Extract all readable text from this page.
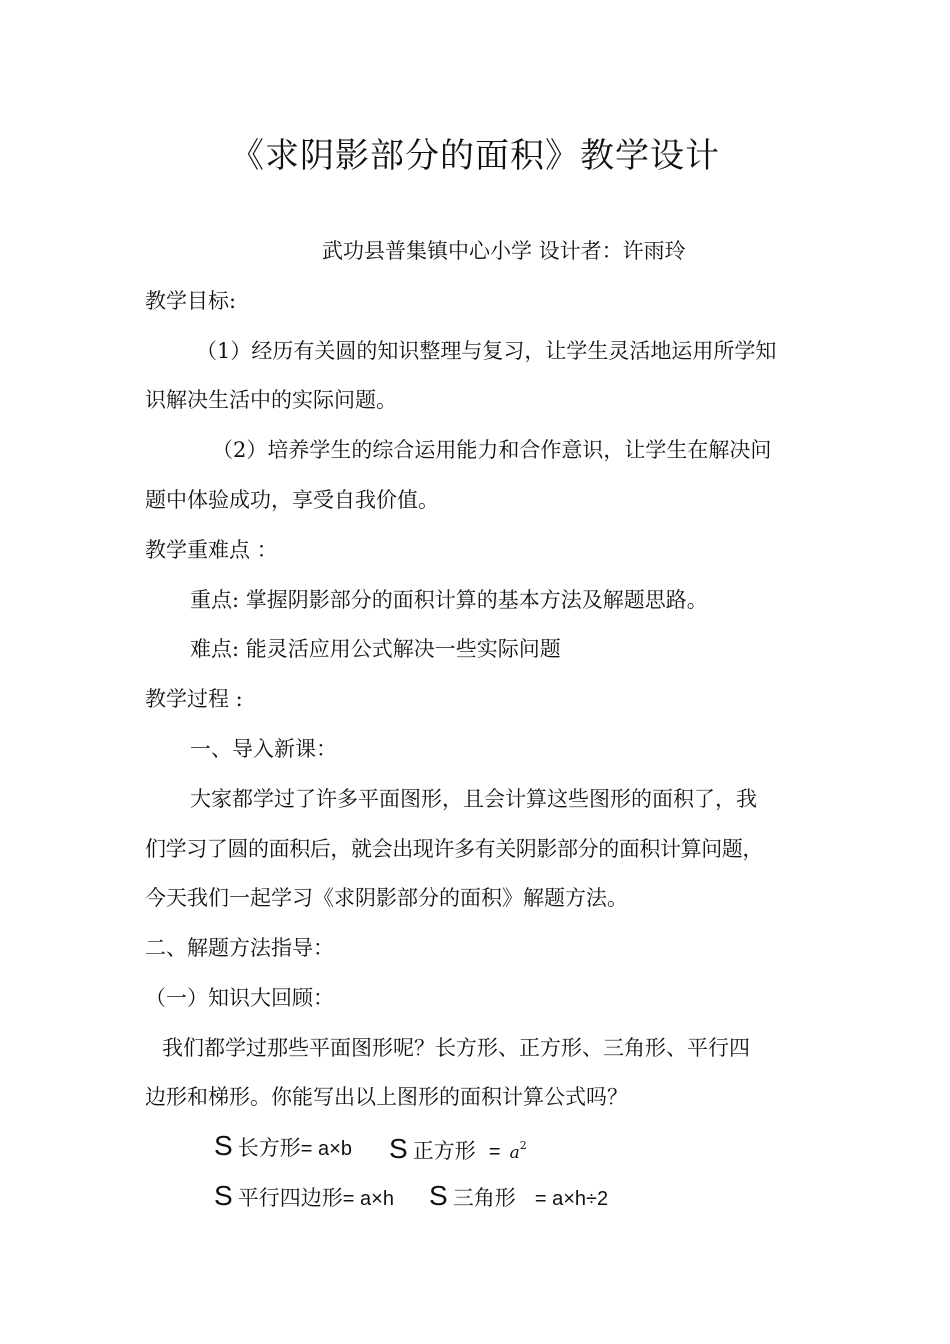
《求阴影部分的面积》教学设计
武功县普集镇中心小学 设计者：许雨玲
教学目标:
（1）经历有关圆的知识整理与复习，让学生灵活地运用所学知
识解决生活中的实际问题。
（2）培养学生的综合运用能力和合作意识，让学生在解决问
题中体验成功，享受自我价值。
教学重难点 ：
重点: 掌握阴影部分的面积计算的基本方法及解题思路。
难点: 能灵活应用公式解决一些实际问题
教学过程 :
一、导入新课：
大家都学过了许多平面图形，且会计算这些图形的面积了，我
们学习了圆的面积后，就会出现许多有关阴影部分的面积计算问题，
今天我们一起学习《求阴影部分的面积》解题方法。
二、解题方法指导：
（一）知识大回顾：
我们都学过那些平面图形呢？长方形、正方形、三角形、平行四
边形和梯形。你能写出以上图形的面积计算公式吗？
S 长方形= a×b S 正方形 = $a^2$
S 平行四边形= a×h S 三角形 = a×h÷2
